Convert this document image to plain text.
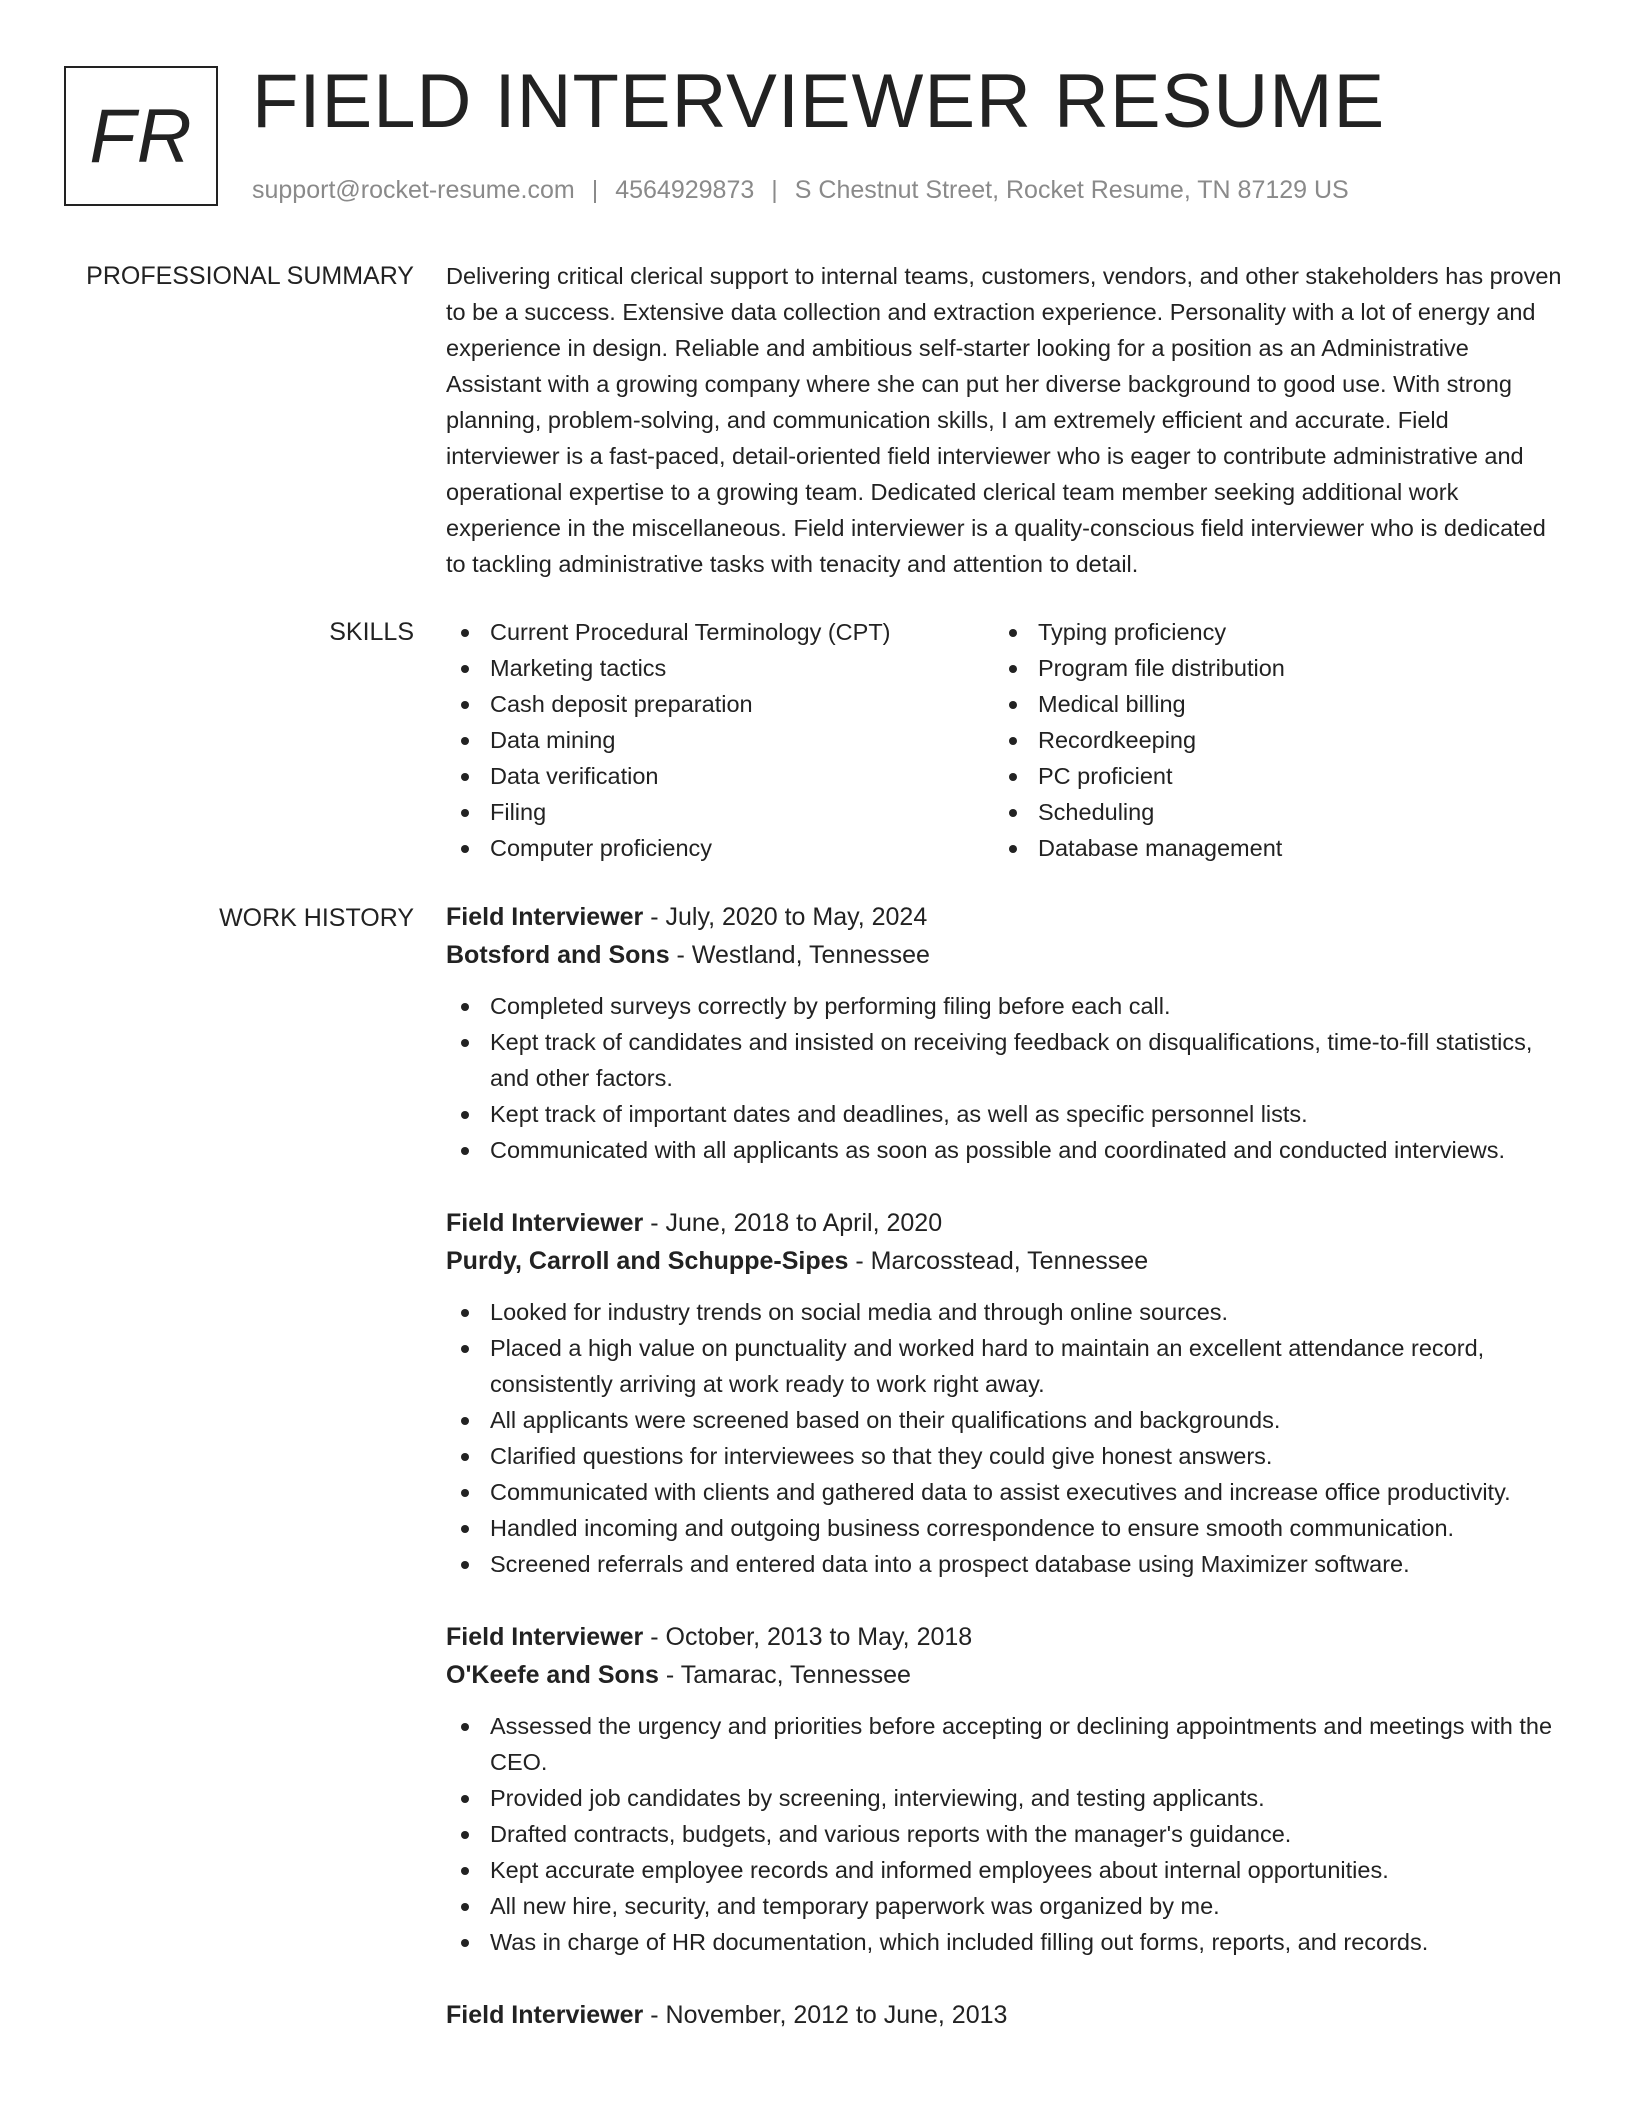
FR FIELD INTERVIEWER RESUME
support@rocket-resume.com | 4564929873 | S Chestnut Street, Rocket Resume, TN 87129 US
PROFESSIONAL SUMMARY Delivering critical clerical support to internal teams, customers, vendors, and other stakeholders has proven to be a success. Extensive data collection and extraction experience. Personality with a lot of energy and experience in design. Reliable and ambitious self-starter looking for a position as an Administrative Assistant with a growing company where she can put her diverse background to good use. With strong planning, problem-solving, and communication skills, I am extremely efficient and accurate. Field interviewer is a fast-paced, detail-oriented field interviewer who is eager to contribute administrative and operational expertise to a growing team. Dedicated clerical team member seeking additional work experience in the miscellaneous. Field interviewer is a quality-conscious field interviewer who is dedicated to tackling administrative tasks with tenacity and attention to detail.

SKILLS	Current Procedural Terminology (CPT)
Marketing tactics
Cash deposit preparation
Data mining
Data verification
Filing
Computer proficiency
Typing proficiency
Program file distribution
Medical billing
Recordkeeping
PC proficient
Scheduling
Database management
WORK HISTORY Field Interviewer - July, 2020 to May, 2024
Botsford and Sons - Westland, Tennessee
Completed surveys correctly by performing filing before each call.
Kept track of candidates and insisted on receiving feedback on disqualifications, time-to-fill statistics, and other factors.
Kept track of important dates and deadlines, as well as specific personnel lists.
Communicated with all applicants as soon as possible and coordinated and conducted interviews.
Field Interviewer - June, 2018 to April, 2020
Purdy, Carroll and Schuppe-Sipes - Marcosstead, Tennessee
Looked for industry trends on social media and through online sources.
Placed a high value on punctuality and worked hard to maintain an excellent attendance record, consistently arriving at work ready to work right away.
All applicants were screened based on their qualifications and backgrounds.
Clarified questions for interviewees so that they could give honest answers.
Communicated with clients and gathered data to assist executives and increase office productivity.
Handled incoming and outgoing business correspondence to ensure smooth communication.
Screened referrals and entered data into a prospect database using Maximizer software.
Field Interviewer - October, 2013 to May, 2018
O'Keefe and Sons - Tamarac, Tennessee
Assessed the urgency and priorities before accepting or declining appointments and meetings with the CEO.
Provided job candidates by screening, interviewing, and testing applicants.
Drafted contracts, budgets, and various reports with the manager's guidance.
Kept accurate employee records and informed employees about internal opportunities.
All new hire, security, and temporary paperwork was organized by me.
Was in charge of HR documentation, which included filling out forms, reports, and records.
Field Interviewer - November, 2012 to June, 2013
